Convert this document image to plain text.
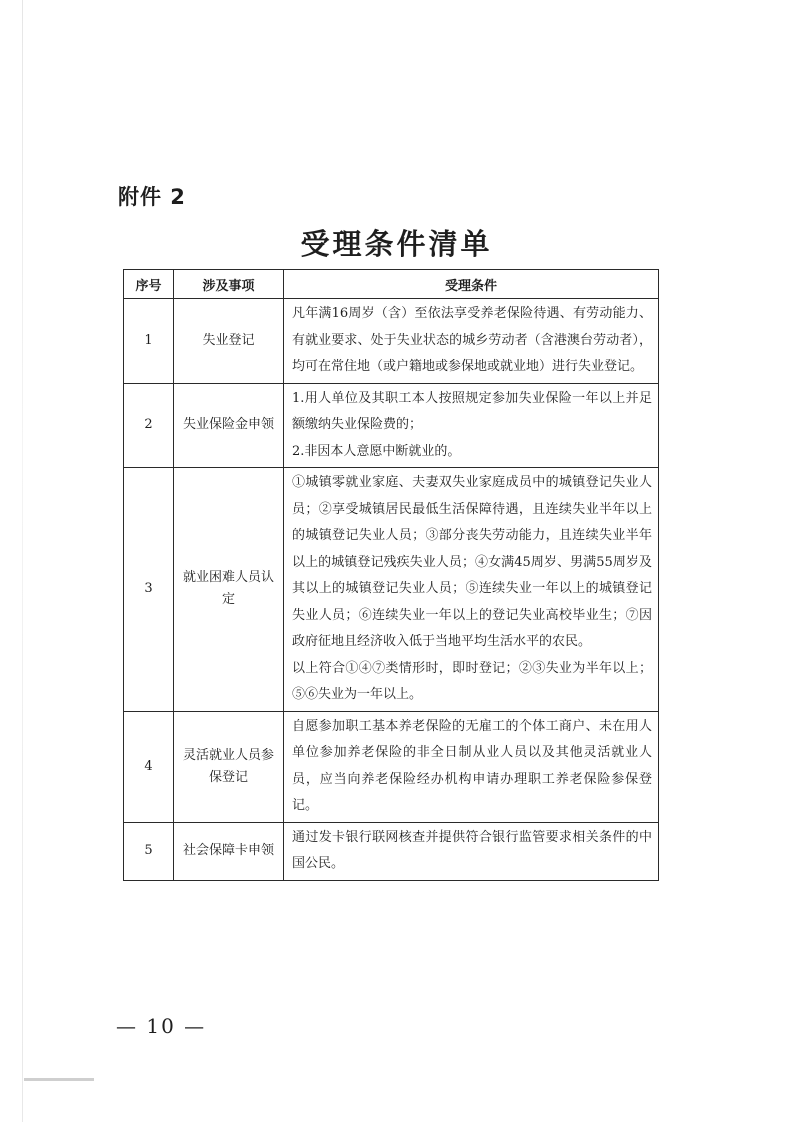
附件 2
受理条件清单
序号	涉及事项	受理条件
1	失业登记	凡年满16周岁（含）至依法享受养老保险待遇、有劳动能力、有就业要求、处于失业状态的城乡劳动者（含港澳台劳动者），均可在常住地（或户籍地或参保地或就业地）进行失业登记。

2	失业保险金申领	1.用人单位及其职工本人按照规定参加失业保险一年以上并足额缴纳失业保险费的；

2.非因本人意愿中断就业的。

3	就业困难人员认定	①城镇零就业家庭、夫妻双失业家庭成员中的城镇登记失业人员；②享受城镇居民最低生活保障待遇，且连续失业半年以上的城镇登记失业人员；③部分丧失劳动能力，且连续失业半年以上的城镇登记残疾失业人员；④女满45周岁、男满55周岁及其以上的城镇登记失业人员；⑤连续失业一年以上的城镇登记失业人员；⑥连续失业一年以上的登记失业高校毕业生；⑦因政府征地且经济收入低于当地平均生活水平的农民。

以上符合①④⑦类情形时，即时登记；②③失业为半年以上；⑤⑥失业为一年以上。

4	灵活就业人员参保登记	自愿参加职工基本养老保险的无雇工的个体工商户、未在用人单位参加养老保险的非全日制从业人员以及其他灵活就业人员，应当向养老保险经办机构申请办理职工养老保险参保登记。

5	社会保障卡申领	通过发卡银行联网核查并提供符合银行监管要求相关条件的中国公民。

— 10 —
